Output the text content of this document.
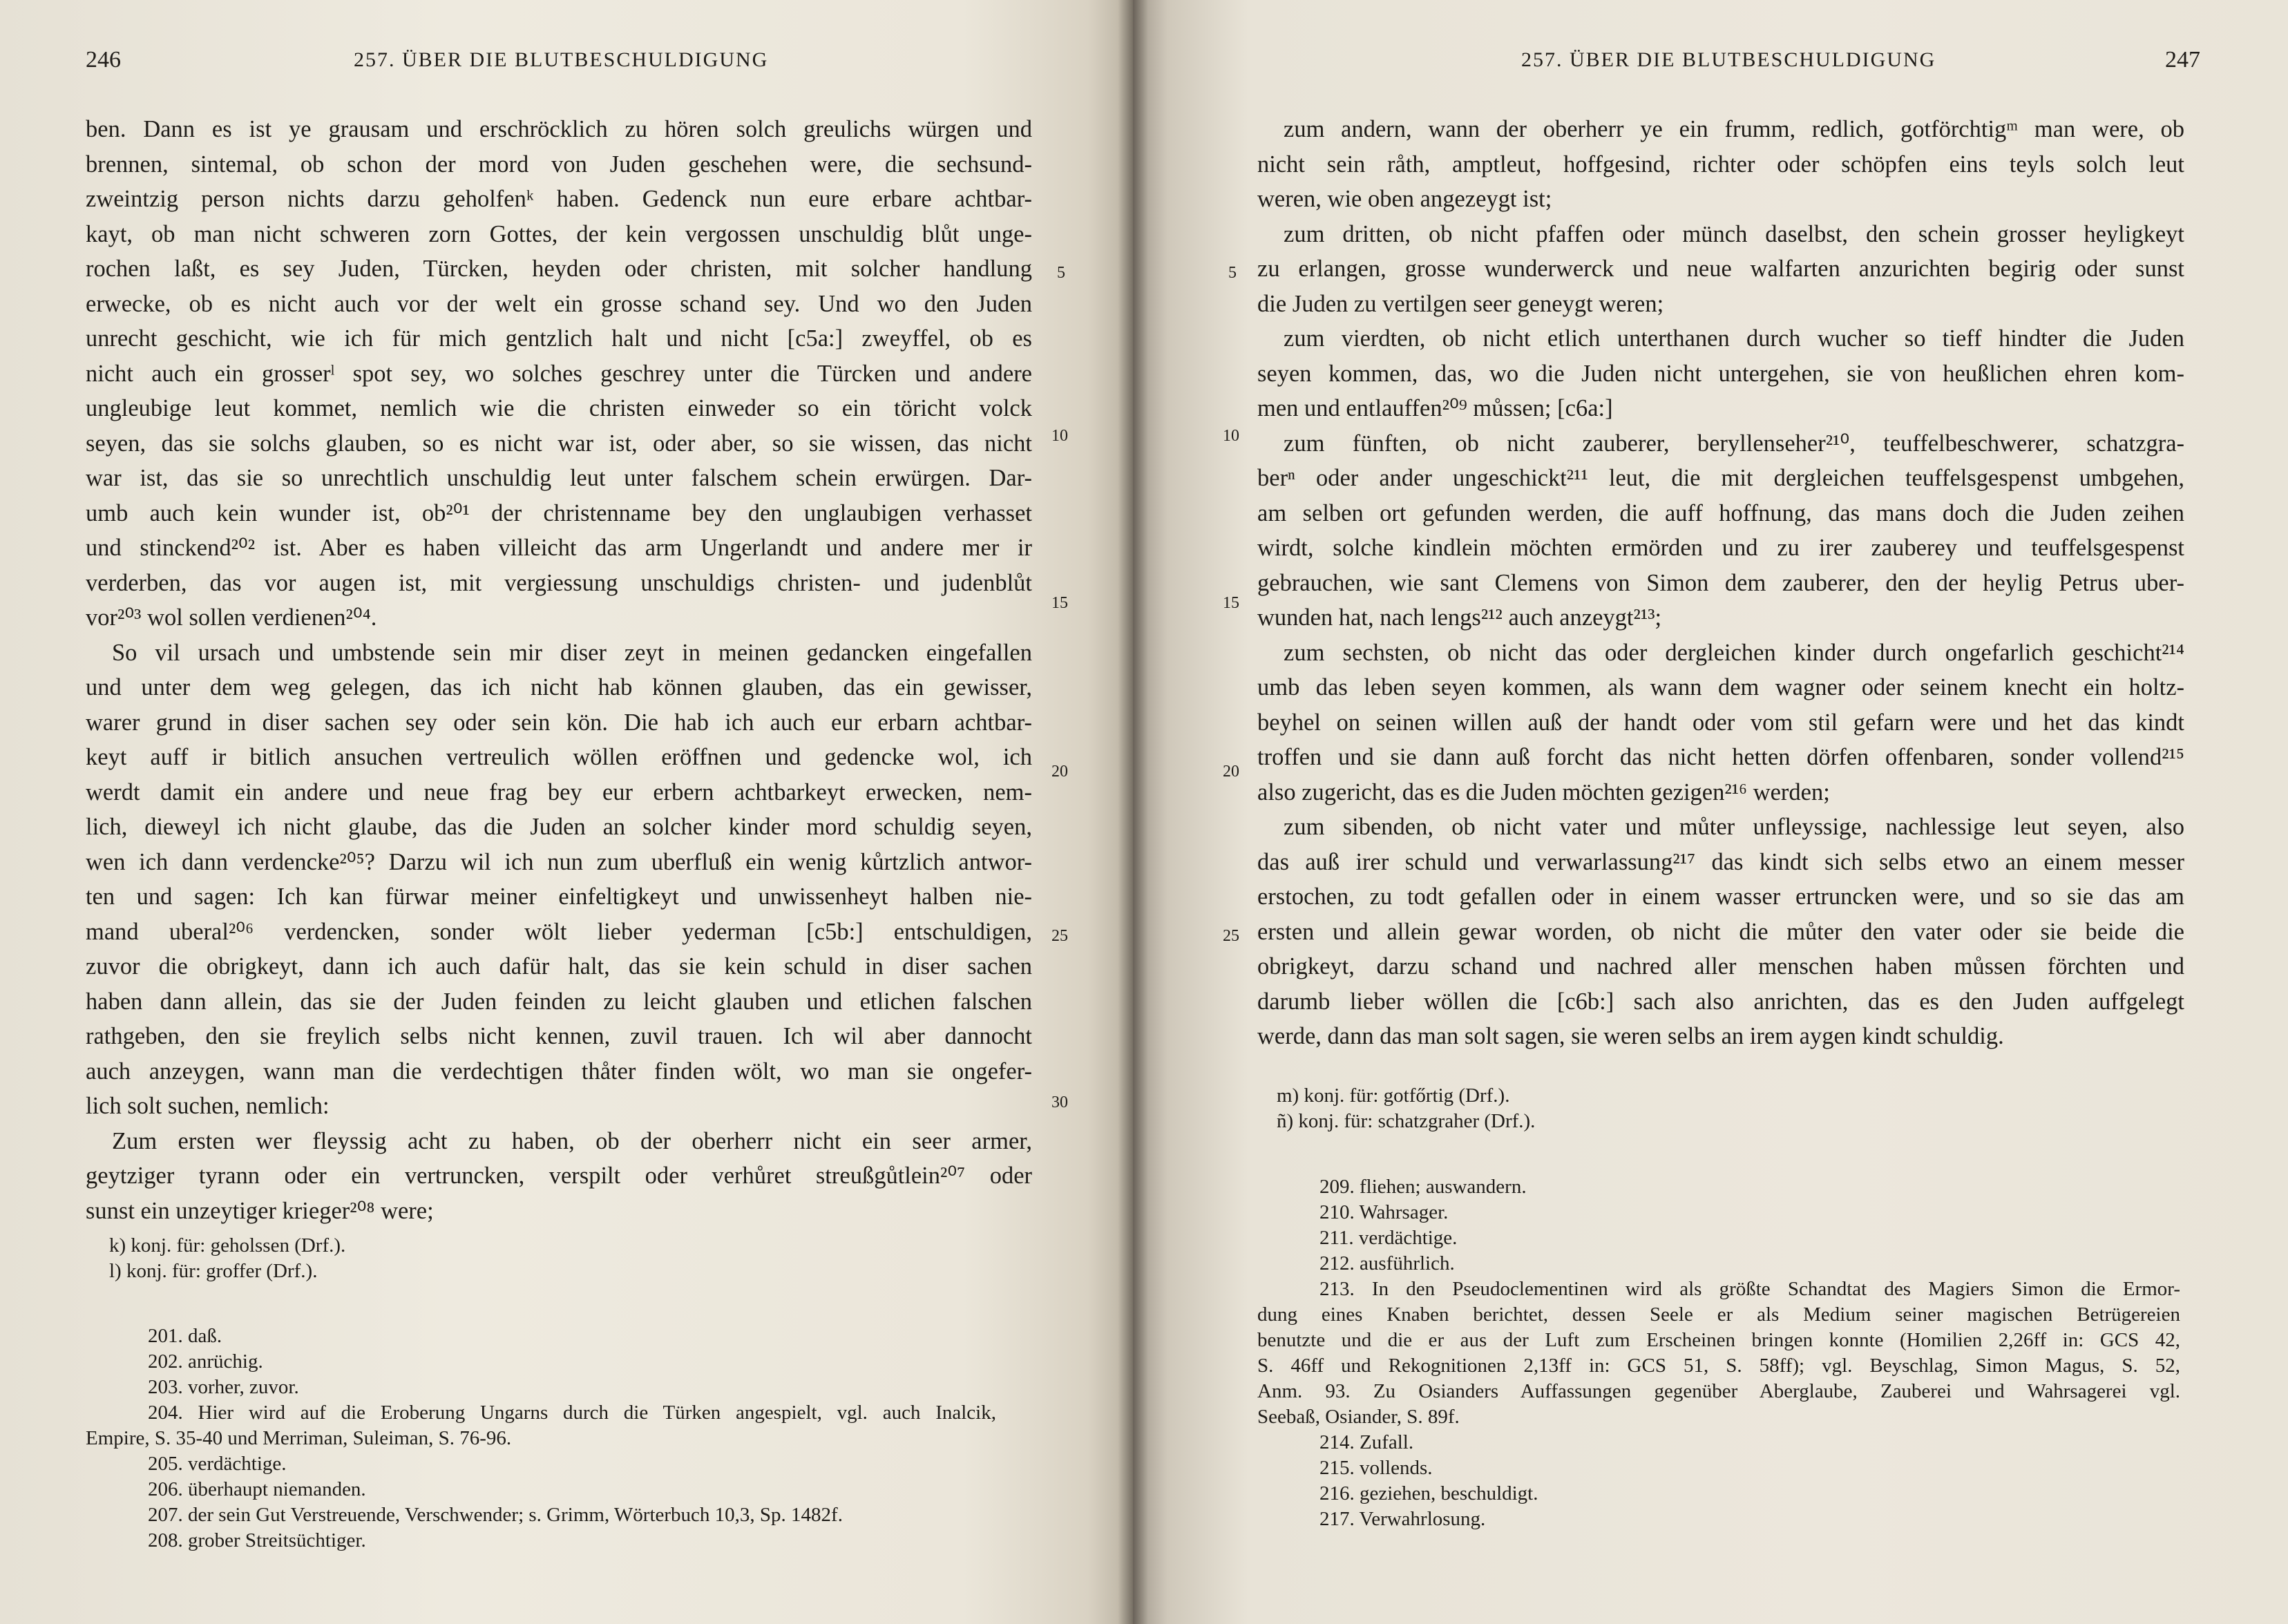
246	257. ÜBER DIE BLUTBESCHULDIGUNG
ben. Dann es ist ye grausam und erschröcklich zu hören solch greulichs würgen und
brennen, sintemal, ob schon der mord von Juden geschehen were, die sechsund-
zweintzig person nichts darzu geholfenᵏ haben. Gedenck nun eure erbare achtbar-
kayt, ob man nicht schweren zorn Gottes, der kein vergossen unschuldig blůt unge-
rochen laßt, es sey Juden, Türcken, heyden oder christen, mit solcher handlung
erwecke, ob es nicht auch vor der welt ein grosse schand sey. Und wo den Juden
unrecht geschicht, wie ich für mich gentzlich halt und nicht [c5a:] zweyffel, ob es
nicht auch ein grosserˡ spot sey, wo solches geschrey unter die Türcken und andere
ungleubige leut kommet, nemlich wie die christen einweder so ein töricht volck
seyen, das sie solchs glauben, so es nicht war ist, oder aber, so sie wissen, das nicht
war ist, das sie so unrechtlich unschuldig leut unter falschem schein erwürgen. Dar-
umb auch kein wunder ist, ob²⁰¹ der christenname bey den unglaubigen verhasset
und stinckend²⁰² ist. Aber es haben villeicht das arm Ungerlandt und andere mer ir
verderben, das vor augen ist, mit vergiessung unschuldigs christen- und judenblůt
vor²⁰³ wol sollen verdienen²⁰⁴.
So vil ursach und umbstende sein mir diser zeyt in meinen gedancken eingefallen
und unter dem weg gelegen, das ich nicht hab können glauben, das ein gewisser,
warer grund in diser sachen sey oder sein kön. Die hab ich auch eur erbarn achtbar-
keyt auff ir bitlich ansuchen vertreulich wöllen eröffnen und gedencke wol, ich
werdt damit ein andere und neue frag bey eur erbern achtbarkeyt erwecken, nem-
lich, dieweyl ich nicht glaube, das die Juden an solcher kinder mord schuldig seyen,
wen ich dann verdencke²⁰⁵? Darzu wil ich nun zum uberfluß ein wenig kůrtzlich antwor-
ten und sagen: Ich kan fürwar meiner einfeltigkeyt und unwissenheyt halben nie-
mand uberal²⁰⁶ verdencken, sonder wölt lieber yederman [c5b:] entschuldigen,
zuvor die obrigkeyt, dann ich auch dafür halt, das sie kein schuld in diser sachen
haben dann allein, das sie der Juden feinden zu leicht glauben und etlichen falschen
rathgeben, den sie freylich selbs nicht kennen, zuvil trauen. Ich wil aber dannocht
auch anzeygen, wann man die verdechtigen thåter finden wölt, wo man sie ongefer-
lich solt suchen, nemlich:
Zum ersten wer fleyssig acht zu haben, ob der oberherr nicht ein seer armer,
geytziger tyrann oder ein vertruncken, verspilt oder verhůret streußgůtlein²⁰⁷ oder
sunst ein unzeytiger krieger²⁰⁸ were;
5
10
15
20
25
30
k) konj. für: geholssen (Drf.).
l) konj. für: groffer (Drf.).
201. daß.
202. anrüchig.
203. vorher, zuvor.
204. Hier wird auf die Eroberung Ungarns durch die Türken angespielt, vgl. auch Inalcik,
Empire, S. 35-40 und Merriman, Suleiman, S. 76-96.
205. verdächtige.
206. überhaupt niemanden.
207. der sein Gut Verstreuende, Verschwender; s. Grimm, Wörterbuch 10,3, Sp. 1482f.
208. grober Streitsüchtiger.
257. ÜBER DIE BLUTBESCHULDIGUNG	247
zum andern, wann der oberherr ye ein frumm, redlich, gotförchtigᵐ man were, ob
nicht sein råth, amptleut, hoffgesind, richter oder schöpfen eins teyls solch leut
weren, wie oben angezeygt ist;
zum dritten, ob nicht pfaffen oder münch daselbst, den schein grosser heyligkeyt
zu erlangen, grosse wunderwerck und neue walfarten anzurichten begirig oder sunst
die Juden zu vertilgen seer geneygt weren;
zum vierdten, ob nicht etlich unterthanen durch wucher so tieff hindter die Juden
seyen kommen, das, wo die Juden nicht untergehen, sie von heußlichen ehren kom-
men und entlauffen²⁰⁹ můssen; [c6a:]
zum fünften, ob nicht zauberer, beryllenseher²¹⁰, teuffelbeschwerer, schatzgra-
berⁿ oder ander ungeschickt²¹¹ leut, die mit dergleichen teuffelsgespenst umbgehen,
am selben ort gefunden werden, die auff hoffnung, das mans doch die Juden zeihen
wirdt, solche kindlein möchten ermörden und zu irer zauberey und teuffelsgespenst
gebrauchen, wie sant Clemens von Simon dem zauberer, den der heylig Petrus uber-
wunden hat, nach lengs²¹² auch anzeygt²¹³;
zum sechsten, ob nicht das oder dergleichen kinder durch ongefarlich geschicht²¹⁴
umb das leben seyen kommen, als wann dem wagner oder seinem knecht ein holtz-
beyhel on seinen willen auß der handt oder vom stil gefarn were und het das kindt
troffen und sie dann auß forcht das nicht hetten dörfen offenbaren, sonder vollend²¹⁵
also zugericht, das es die Juden möchten gezigen²¹⁶ werden;
zum sibenden, ob nicht vater und můter unfleyssige, nachlessige leut seyen, also
das auß irer schuld und verwarlassung²¹⁷ das kindt sich selbs etwo an einem messer
erstochen, zu todt gefallen oder in einem wasser ertruncken were, und so sie das am
ersten und allein gewar worden, ob nicht die můter den vater oder sie beide die
obrigkeyt, darzu schand und nachred aller menschen haben můssen förchten und
darumb lieber wöllen die [c6b:] sach also anrichten, das es den Juden auffgelegt
werde, dann das man solt sagen, sie weren selbs an irem aygen kindt schuldig.
5
10
15
20
25
m) konj. für: gotfőrtig (Drf.).
ñ) konj. für: schatzgraher (Drf.).
209. fliehen; auswandern.
210. Wahrsager.
211. verdächtige.
212. ausführlich.
213. In den Pseudoclementinen wird als größte Schandtat des Magiers Simon die Ermor-
dung eines Knaben berichtet, dessen Seele er als Medium seiner magischen Betrügereien
benutzte und die er aus der Luft zum Erscheinen bringen konnte (Homilien 2,26ff in: GCS 42,
S. 46ff und Rekognitionen 2,13ff in: GCS 51, S. 58ff); vgl. Beyschlag, Simon Magus, S. 52,
Anm. 93. Zu Osianders Auffassungen gegenüber Aberglaube, Zauberei und Wahrsagerei vgl.
Seebaß, Osiander, S. 89f.
214. Zufall.
215. vollends.
216. geziehen, beschuldigt.
217. Verwahrlosung.
